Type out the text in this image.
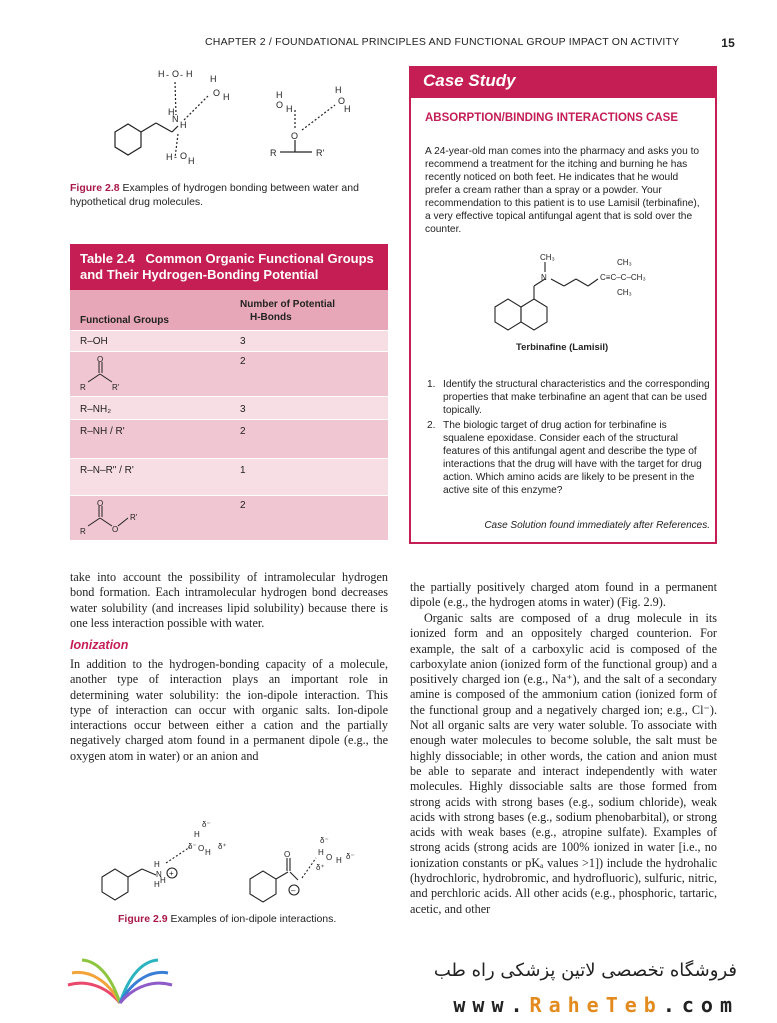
CHAPTER 2 / FOUNDATIONAL PRINCIPLES AND FUNCTIONAL GROUP IMPACT ON ACTIVITY	15
H - O - H H
O H
N
H
H
H - O H
H
O H
H
O
H
O
R	R'
Figure 2.8 Examples of hydrogen bonding between water and hypothetical drug molecules.
Table 2.4 Common Organic Functional Groups and Their Hydrogen-Bonding Potential
Functional Groups
Number of Potential
H-Bonds
R–OH	3
O
R	R'
2
R–NH₂	3
R–NH / R'	2
R–N–R" / R'	1
O
R	O
R'
2
Case Study
ABSORPTION/BINDING INTERACTIONS CASE
A 24-year-old man comes into the pharmacy and asks you to recommend a treatment for the itching and burning he has recently noticed on both feet. He indicates that he would prefer a cream rather than a spray or a powder. Your recommendation to this patient is to use Lamisil (terbinafine), a very effective topical antifungal agent that is sold over the counter.
CH₃
N	C≡C–C–CH₃
CH₃
CH₃
Terbinafine (Lamisil)
1. Identify the structural characteristics and the corresponding properties that make terbinafine an agent that can be used topically.
2. The biologic target of drug action for terbinafine is squalene epoxidase. Consider each of the structural features of this antifungal agent and describe the type of interactions that the drug will have with the target for drug action. Which amino acids are likely to be present in the active site of this enzyme?
Case Solution found immediately after References.
take into account the possibility of intramolecular hydrogen bond formation. Each intramolecular hydrogen bond decreases water solubility (and increases lipid solubility) because there is one less interaction possible with water.
Ionization
In addition to the hydrogen-bonding capacity of a molecule, another type of interaction plays an important role in determining water solubility: the ion-dipole interaction. This type of interaction can occur with organic salts. Ion-dipole interactions occur between either a cation and the partially negatively charged atom found in a permanent dipole (e.g., the oxygen atom in water) or an anion and
δ⁻
δ⁻ O H
δ⁺
H
H
N
H H
+
O
–
δ⁻
H
O H δ⁻
δ⁺
Figure 2.9 Examples of ion-dipole interactions.
the partially positively charged atom found in a permanent dipole (e.g., the hydrogen atoms in water) (Fig. 2.9).
Organic salts are composed of a drug molecule in its ionized form and an oppositely charged counterion. For example, the salt of a carboxylic acid is composed of the carboxylate anion (ionized form of the functional group) and a positively charged ion (e.g., Na⁺), and the salt of a secondary amine is composed of the ammonium cation (ionized form of the functional group and a negatively charged ion; e.g., Cl⁻). Not all organic salts are very water soluble. To associate with enough water molecules to become soluble, the salt must be highly dissociable; in other words, the cation and anion must be able to separate and interact independently with water molecules. Highly dissociable salts are those formed from strong acids with strong bases (e.g., sodium chloride), weak acids with strong bases (e.g., sodium phenobarbital), or strong acids with weak bases (e.g., atropine sulfate). Examples of strong acids (strong acids are 100% ionized in water [i.e., no ionization constants or pKₐ values >1]) include the hydrohalic (hydrochloric, hydrobromic, and hydrofluoric), sulfuric, nitric, and perchloric acids. All other acids (e.g., phosphoric, tartaric, acetic, and other
فروشگاه تخصصی لاتین پزشکی راه طب
www.RaheTeb.com
